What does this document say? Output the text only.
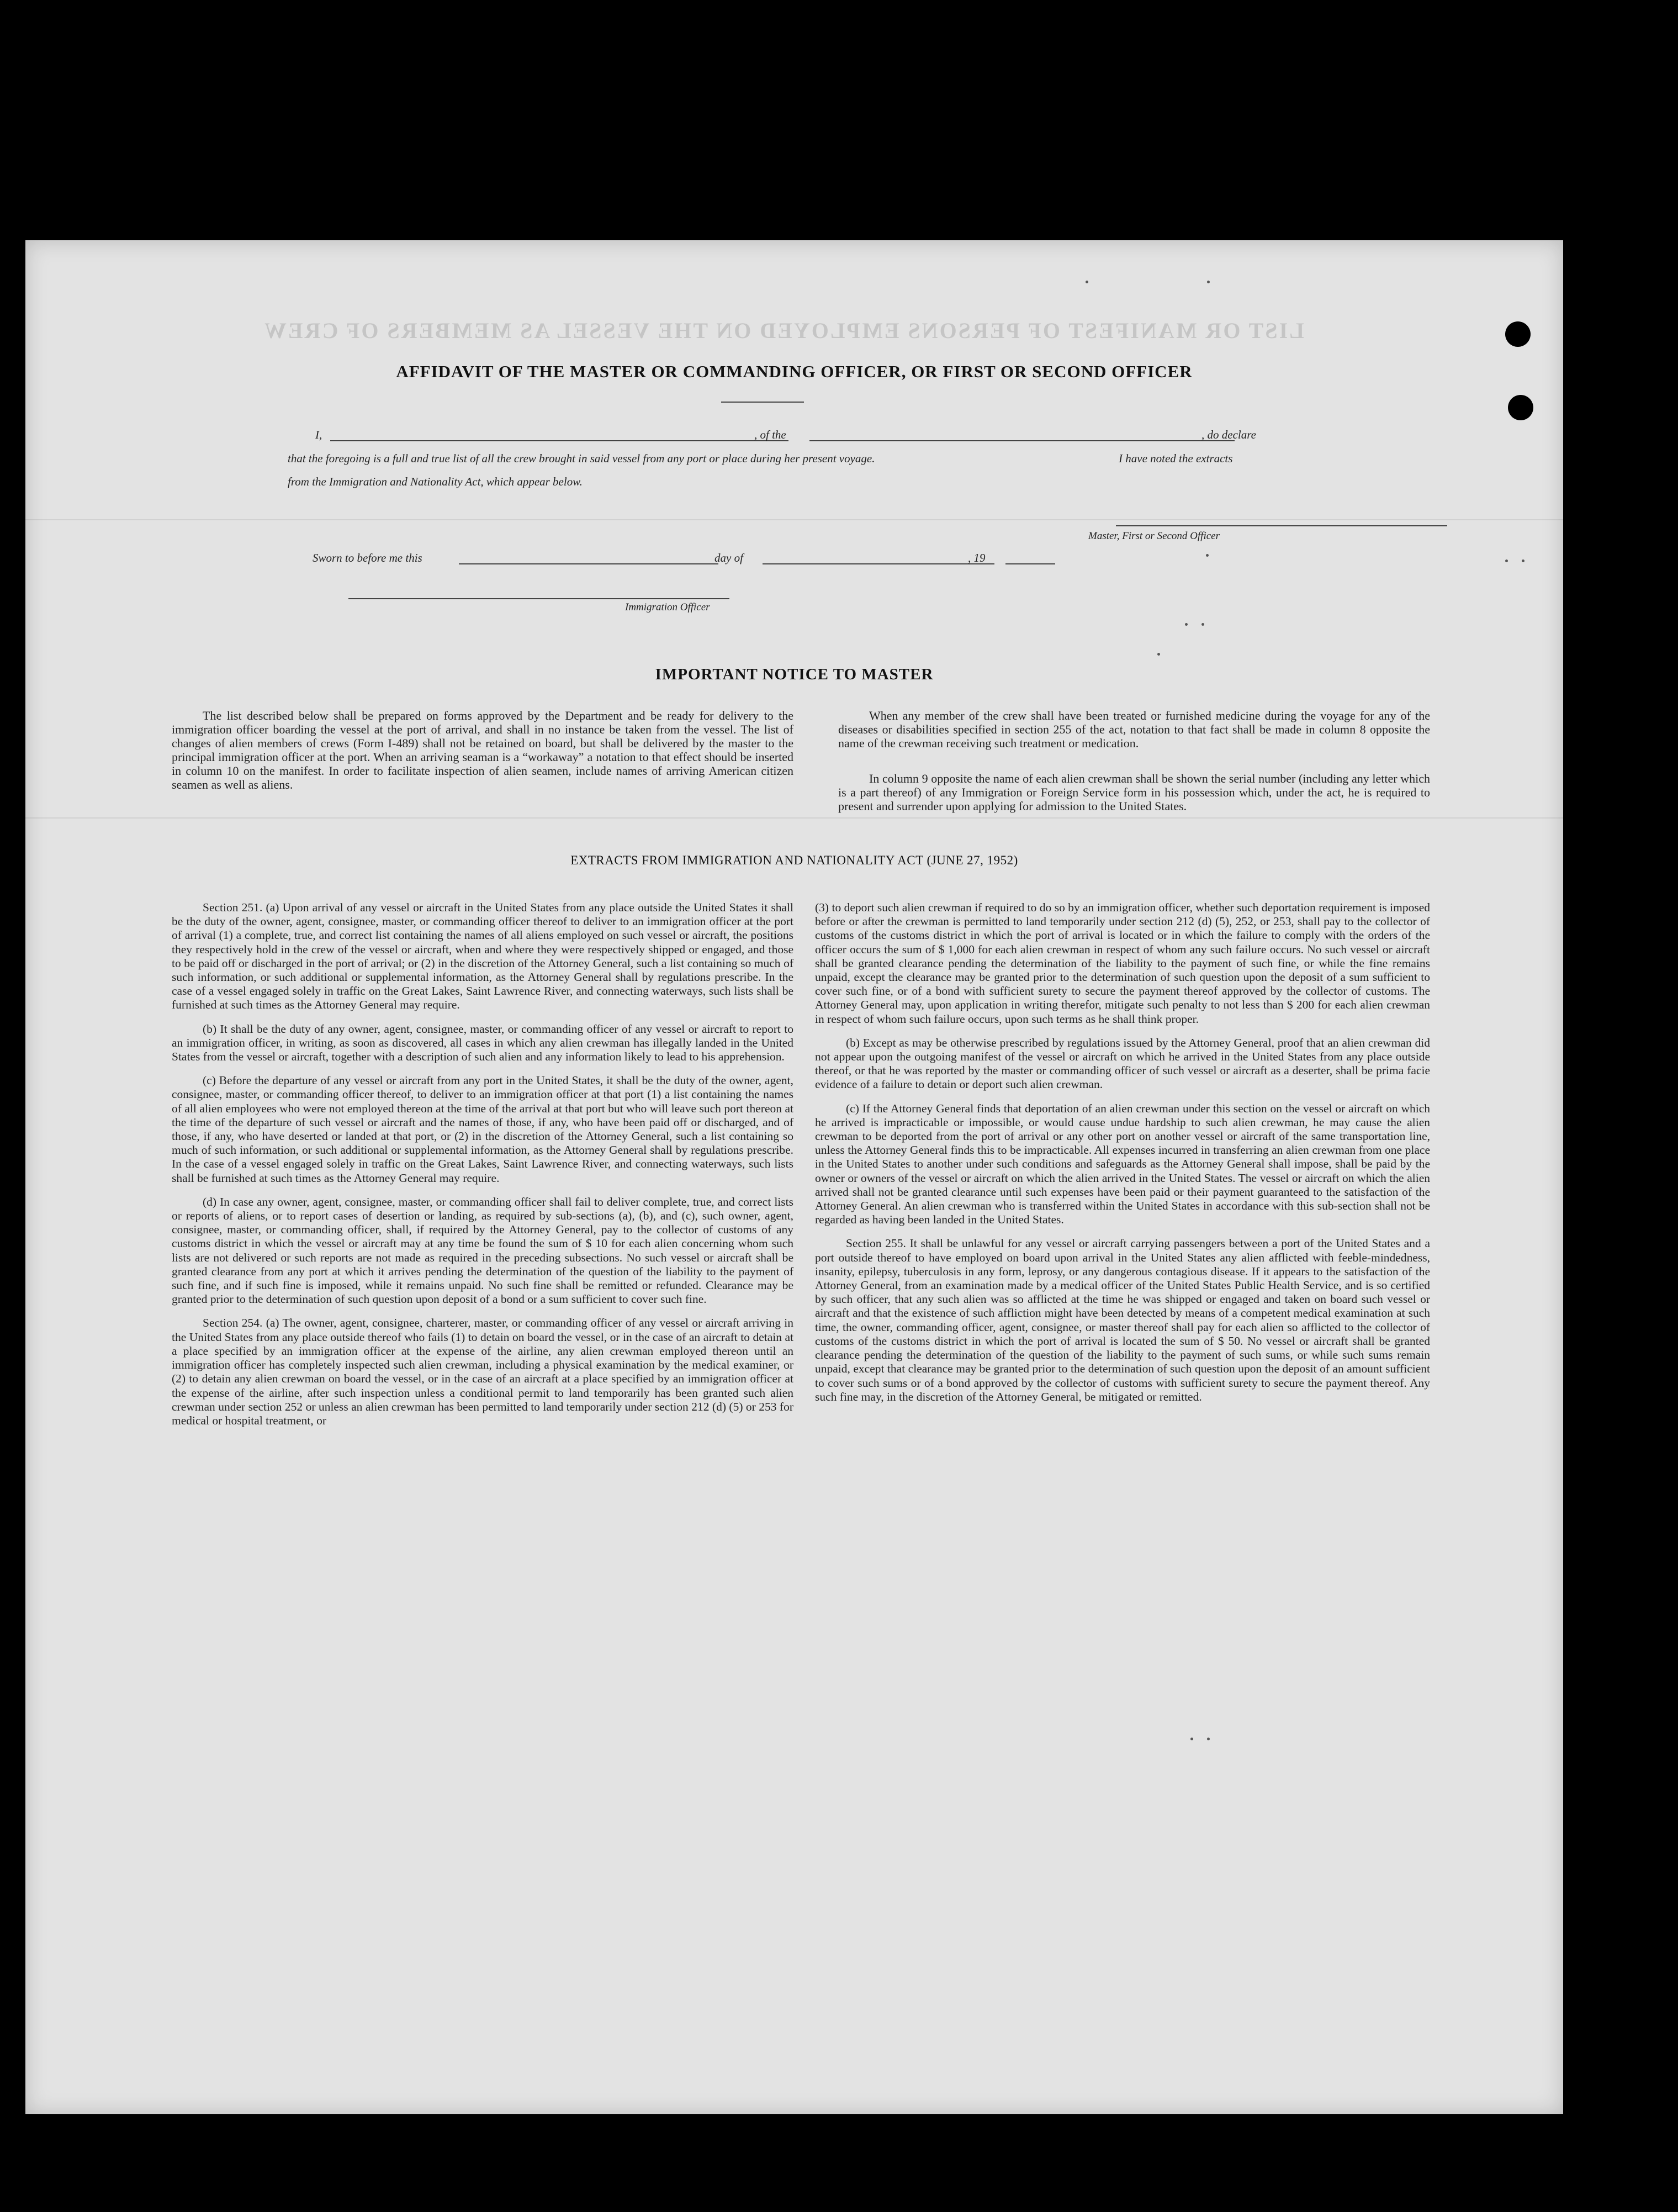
LIST OR MANIFEST OF PERSONS EMPLOYED ON THE VESSEL AS MEMBERS OF CREW
AFFIDAVIT OF THE MASTER OR COMMANDING OFFICER, OR FIRST OR SECOND OFFICER
I,	, of the	, do declare
that the foregoing is a full and true list of all the crew brought in said vessel from any port or place during her present voyage.	I have noted the extracts
from the Immigration and Nationality Act, which appear below.
Master, First or Second Officer
Sworn to before me this	day of	, 19
Immigration Officer
IMPORTANT NOTICE TO MASTER

The list described below shall be prepared on forms approved by the Department and be ready for delivery to the immigration officer boarding the vessel at the port of arrival, and shall in no instance be taken from the vessel. The list of changes of alien members of crews (Form I-489) shall not be retained on board, but shall be delivered by the master to the principal immigration officer at the port. When an arriving seaman is a “workaway” a notation to that effect should be inserted in column 10 on the manifest. In order to facilitate inspection of alien seamen, include names of arriving American citizen seamen as well as aliens.

When any member of the crew shall have been treated or furnished medicine during the voyage for any of the diseases or disabilities specified in section 255 of the act, notation to that fact shall be made in column 8 opposite the name of the crewman receiving such treatment or medication.

In column 9 opposite the name of each alien crewman shall be shown the serial number (including any letter which is a part thereof) of any Immigration or Foreign Service form in his possession which, under the act, he is required to present and surrender upon applying for admission to the United States.

EXTRACTS FROM IMMIGRATION AND NATIONALITY ACT (JUNE 27, 1952)

Section 251. (a) Upon arrival of any vessel or aircraft in the United States from any place outside the United States it shall be the duty of the owner, agent, consignee, master, or commanding officer thereof to deliver to an immigration officer at the port of arrival (1) a complete, true, and correct list containing the names of all aliens employed on such vessel or aircraft, the positions they respectively hold in the crew of the vessel or aircraft, when and where they were respectively shipped or engaged, and those to be paid off or discharged in the port of arrival; or (2) in the discretion of the Attorney General, such a list containing so much of such information, or such additional or supplemental information, as the Attorney General shall by regulations prescribe. In the case of a vessel engaged solely in traffic on the Great Lakes, Saint Lawrence River, and connecting waterways, such lists shall be furnished at such times as the Attorney General may require.

(b) It shall be the duty of any owner, agent, consignee, master, or commanding officer of any vessel or aircraft to report to an immigration officer, in writing, as soon as discovered, all cases in which any alien crewman has illegally landed in the United States from the vessel or aircraft, together with a description of such alien and any information likely to lead to his apprehension.

(c) Before the departure of any vessel or aircraft from any port in the United States, it shall be the duty of the owner, agent, consignee, master, or commanding officer thereof, to deliver to an immigration officer at that port (1) a list containing the names of all alien employees who were not employed thereon at the time of the arrival at that port but who will leave such port thereon at the time of the departure of such vessel or aircraft and the names of those, if any, who have been paid off or discharged, and of those, if any, who have deserted or landed at that port, or (2) in the discretion of the Attorney General, such a list containing so much of such information, or such additional or supplemental information, as the Attorney General shall by regulations prescribe. In the case of a vessel engaged solely in traffic on the Great Lakes, Saint Lawrence River, and connecting waterways, such lists shall be furnished at such times as the Attorney General may require.

(d) In case any owner, agent, consignee, master, or commanding officer shall fail to deliver complete, true, and correct lists or reports of aliens, or to report cases of desertion or landing, as required by sub-sections (a), (b), and (c), such owner, agent, consignee, master, or commanding officer, shall, if required by the Attorney General, pay to the collector of customs of any customs district in which the vessel or aircraft may at any time be found the sum of $ 10 for each alien concerning whom such lists are not delivered or such reports are not made as required in the preceding subsections. No such vessel or aircraft shall be granted clearance from any port at which it arrives pending the determination of the question of the liability to the payment of such fine, and if such fine is imposed, while it remains unpaid. No such fine shall be remitted or refunded. Clearance may be granted prior to the determination of such question upon deposit of a bond or a sum sufficient to cover such fine.

Section 254. (a) The owner, agent, consignee, charterer, master, or commanding officer of any vessel or aircraft arriving in the United States from any place outside thereof who fails (1) to detain on board the vessel, or in the case of an aircraft to detain at a place specified by an immigration officer at the expense of the airline, any alien crewman employed thereon until an immigration officer has completely inspected such alien crewman, including a physical examination by the medical examiner, or (2) to detain any alien crewman on board the vessel, or in the case of an aircraft at a place specified by an immigration officer at the expense of the airline, after such inspection unless a conditional permit to land temporarily has been granted such alien crewman under section 252 or unless an alien crewman has been permitted to land temporarily under section 212 (d) (5) or 253 for medical or hospital treatment, or

(3) to deport such alien crewman if required to do so by an immigration officer, whether such deportation requirement is imposed before or after the crewman is permitted to land temporarily under section 212 (d) (5), 252, or 253, shall pay to the collector of customs of the customs district in which the port of arrival is located or in which the failure to comply with the orders of the officer occurs the sum of $ 1,000 for each alien crewman in respect of whom any such failure occurs. No such vessel or aircraft shall be granted clearance pending the determination of the liability to the payment of such fine, or while the fine remains unpaid, except the clearance may be granted prior to the determination of such question upon the deposit of a sum sufficient to cover such fine, or of a bond with sufficient surety to secure the payment thereof approved by the collector of customs. The Attorney General may, upon application in writing therefor, mitigate such penalty to not less than $ 200 for each alien crewman in respect of whom such failure occurs, upon such terms as he shall think proper.

(b) Except as may be otherwise prescribed by regulations issued by the Attorney General, proof that an alien crewman did not appear upon the outgoing manifest of the vessel or aircraft on which he arrived in the United States from any place outside thereof, or that he was reported by the master or commanding officer of such vessel or aircraft as a deserter, shall be prima facie evidence of a failure to detain or deport such alien crewman.

(c) If the Attorney General finds that deportation of an alien crewman under this section on the vessel or aircraft on which he arrived is impracticable or impossible, or would cause undue hardship to such alien crewman, he may cause the alien crewman to be deported from the port of arrival or any other port on another vessel or aircraft of the same transportation line, unless the Attorney General finds this to be impracticable. All expenses incurred in transferring an alien crewman from one place in the United States to another under such conditions and safeguards as the Attorney General shall impose, shall be paid by the owner or owners of the vessel or aircraft on which the alien arrived in the United States. The vessel or aircraft on which the alien arrived shall not be granted clearance until such expenses have been paid or their payment guaranteed to the satisfaction of the Attorney General. An alien crewman who is transferred within the United States in accordance with this sub-section shall not be regarded as having been landed in the United States.

Section 255. It shall be unlawful for any vessel or aircraft carrying passengers between a port of the United States and a port outside thereof to have employed on board upon arrival in the United States any alien afflicted with feeble-mindedness, insanity, epilepsy, tuberculosis in any form, leprosy, or any dangerous contagious disease. If it appears to the satisfaction of the Attorney General, from an examination made by a medical officer of the United States Public Health Service, and is so certified by such officer, that any such alien was so afflicted at the time he was shipped or engaged and taken on board such vessel or aircraft and that the existence of such affliction might have been detected by means of a competent medical examination at such time, the owner, commanding officer, agent, consignee, or master thereof shall pay for each alien so afflicted to the collector of customs of the customs district in which the port of arrival is located the sum of $ 50. No vessel or aircraft shall be granted clearance pending the determination of the question of the liability to the payment of such sums, or while such sums remain unpaid, except that clearance may be granted prior to the determination of such question upon the deposit of an amount sufficient to cover such sums or of a bond approved by the collector of customs with sufficient surety to secure the payment thereof. Any such fine may, in the discretion of the Attorney General, be mitigated or remitted.
